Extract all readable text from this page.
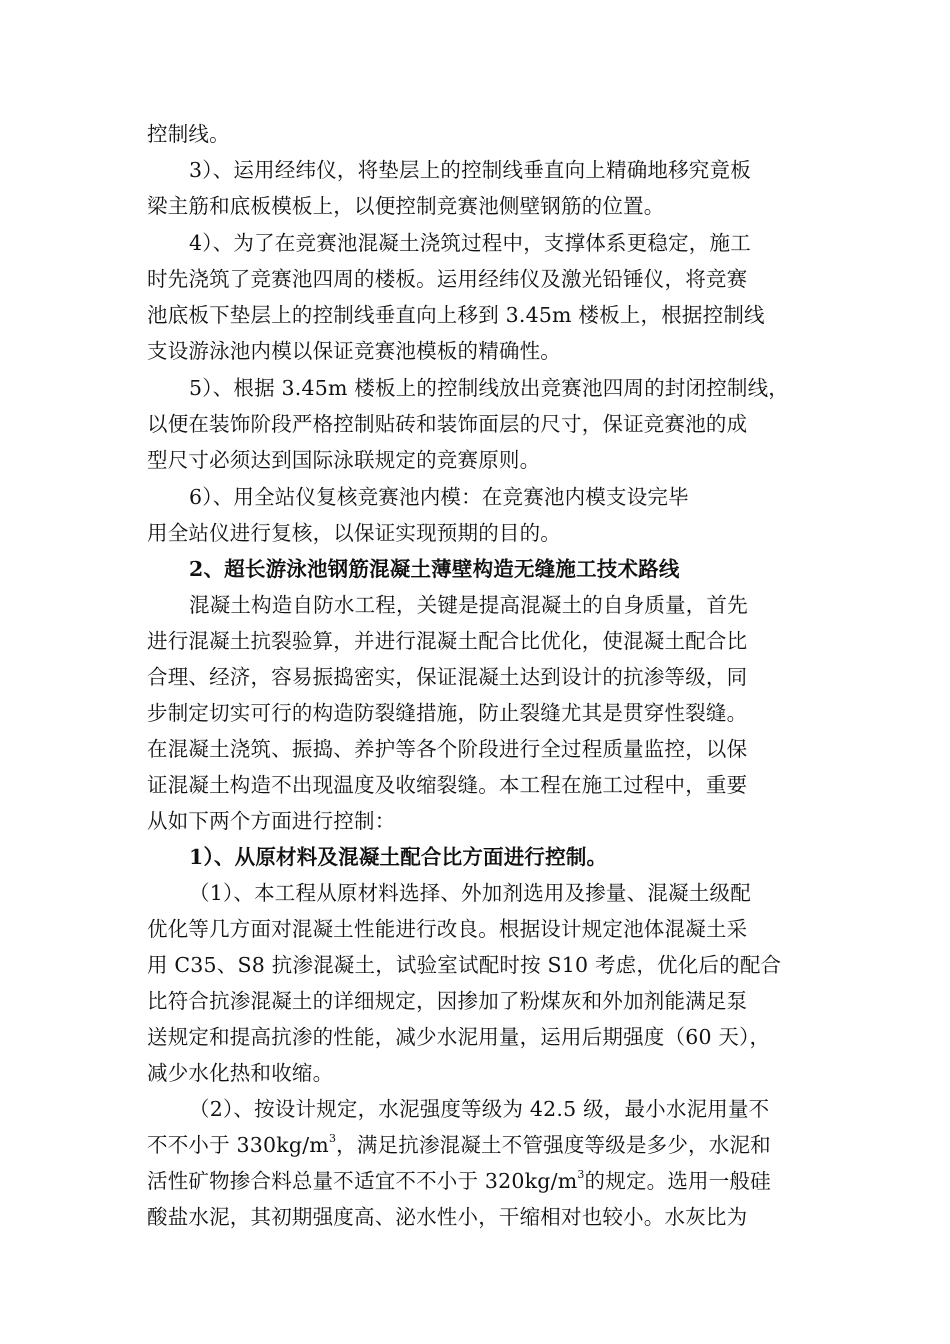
控制线。
3）、运用经纬仪，将垫层上的控制线垂直向上精确地移究竟板
梁主筋和底板模板上，以便控制竞赛池侧壁钢筋的位置。
4）、为了在竞赛池混凝土浇筑过程中，支撑体系更稳定，施工
时先浇筑了竞赛池四周的楼板。运用经纬仪及激光铅锤仪，将竞赛
池底板下垫层上的控制线垂直向上移到 3.45m 楼板上，根据控制线
支设游泳池内模以保证竞赛池模板的精确性。
5）、根据 3.45m 楼板上的控制线放出竞赛池四周的封闭控制线，
以便在装饰阶段严格控制贴砖和装饰面层的尺寸，保证竞赛池的成
型尺寸必须达到国际泳联规定的竞赛原则。
6）、用全站仪复核竞赛池内模：在竞赛池内模支设完毕
用全站仪进行复核，以保证实现预期的目的。
2、超长游泳池钢筋混凝土薄壁构造无缝施工技术路线
混凝土构造自防水工程，关键是提高混凝土的自身质量，首先
进行混凝土抗裂验算，并进行混凝土配合比优化，使混凝土配合比
合理、经济，容易振捣密实，保证混凝土达到设计的抗渗等级，同
步制定切实可行的构造防裂缝措施，防止裂缝尤其是贯穿性裂缝。
在混凝土浇筑、振捣、养护等各个阶段进行全过程质量监控，以保
证混凝土构造不出现温度及收缩裂缝。本工程在施工过程中，重要
从如下两个方面进行控制：
1）、从原材料及混凝土配合比方面进行控制。
（1）、本工程从原材料选择、外加剂选用及掺量、混凝土级配
优化等几方面对混凝土性能进行改良。根据设计规定池体混凝土采
用 C35、S8 抗渗混凝土，试验室试配时按 S10 考虑，优化后的配合
比符合抗渗混凝土的详细规定，因掺加了粉煤灰和外加剂能满足泵
送规定和提高抗渗的性能，减少水泥用量，运用后期强度（60 天），
减少水化热和收缩。
（2）、按设计规定，水泥强度等级为 42.5 级，最小水泥用量不
不不小于 $330kg/m^3$，满足抗渗混凝土不管强度等级是多少，水泥和
活性矿物掺合料总量不适宜不不小于 $320kg/m^3$的规定。选用一般硅
酸盐水泥，其初期强度高、泌水性小，干缩相对也较小。水灰比为
